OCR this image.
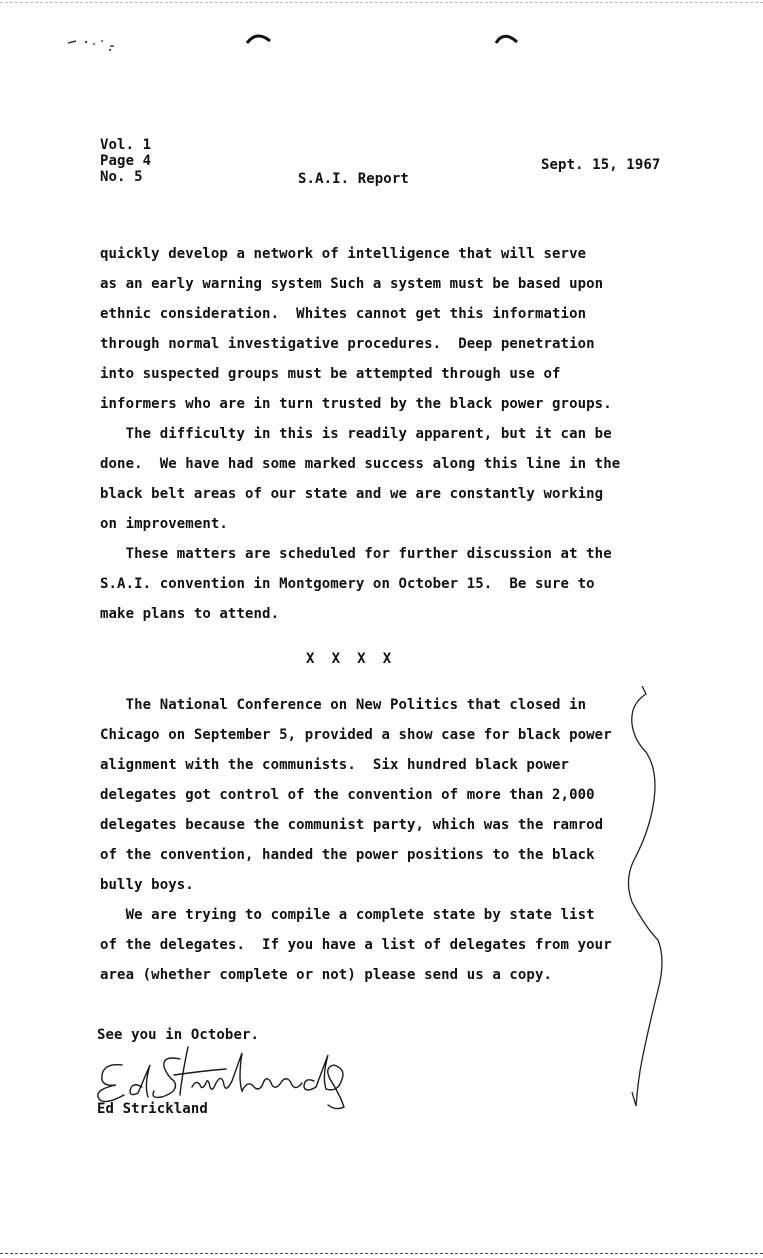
Vol. 1

Page 4

No. 5	S.A.I. Report

Sept. 15, 1967

quickly develop a network of intelligence that will serve

as an early warning system Such a system must be based upon

ethnic consideration.  Whites cannot get this information

through normal investigative procedures.  Deep penetration

into suspected groups must be attempted through use of

informers who are in turn trusted by the black power groups.

The difficulty in this is readily apparent, but it can be

done.  We have had some marked success along this line in the

black belt areas of our state and we are constantly working

on improvement.

These matters are scheduled for further discussion at the

S.A.I. convention in Montgomery on October 15.  Be sure to

make plans to attend.

X  X  X  X

The National Conference on New Politics that closed in

Chicago on September 5, provided a show case for black power

alignment with the communists.  Six hundred black power

delegates got control of the convention of more than 2,000

delegates because the communist party, which was the ramrod

of the convention, handed the power positions to the black

bully boys.

We are trying to compile a complete state by state list

of the delegates.  If you have a list of delegates from your

area (whether complete or not) please send us a copy.

See you in October.

Ed Strickland
